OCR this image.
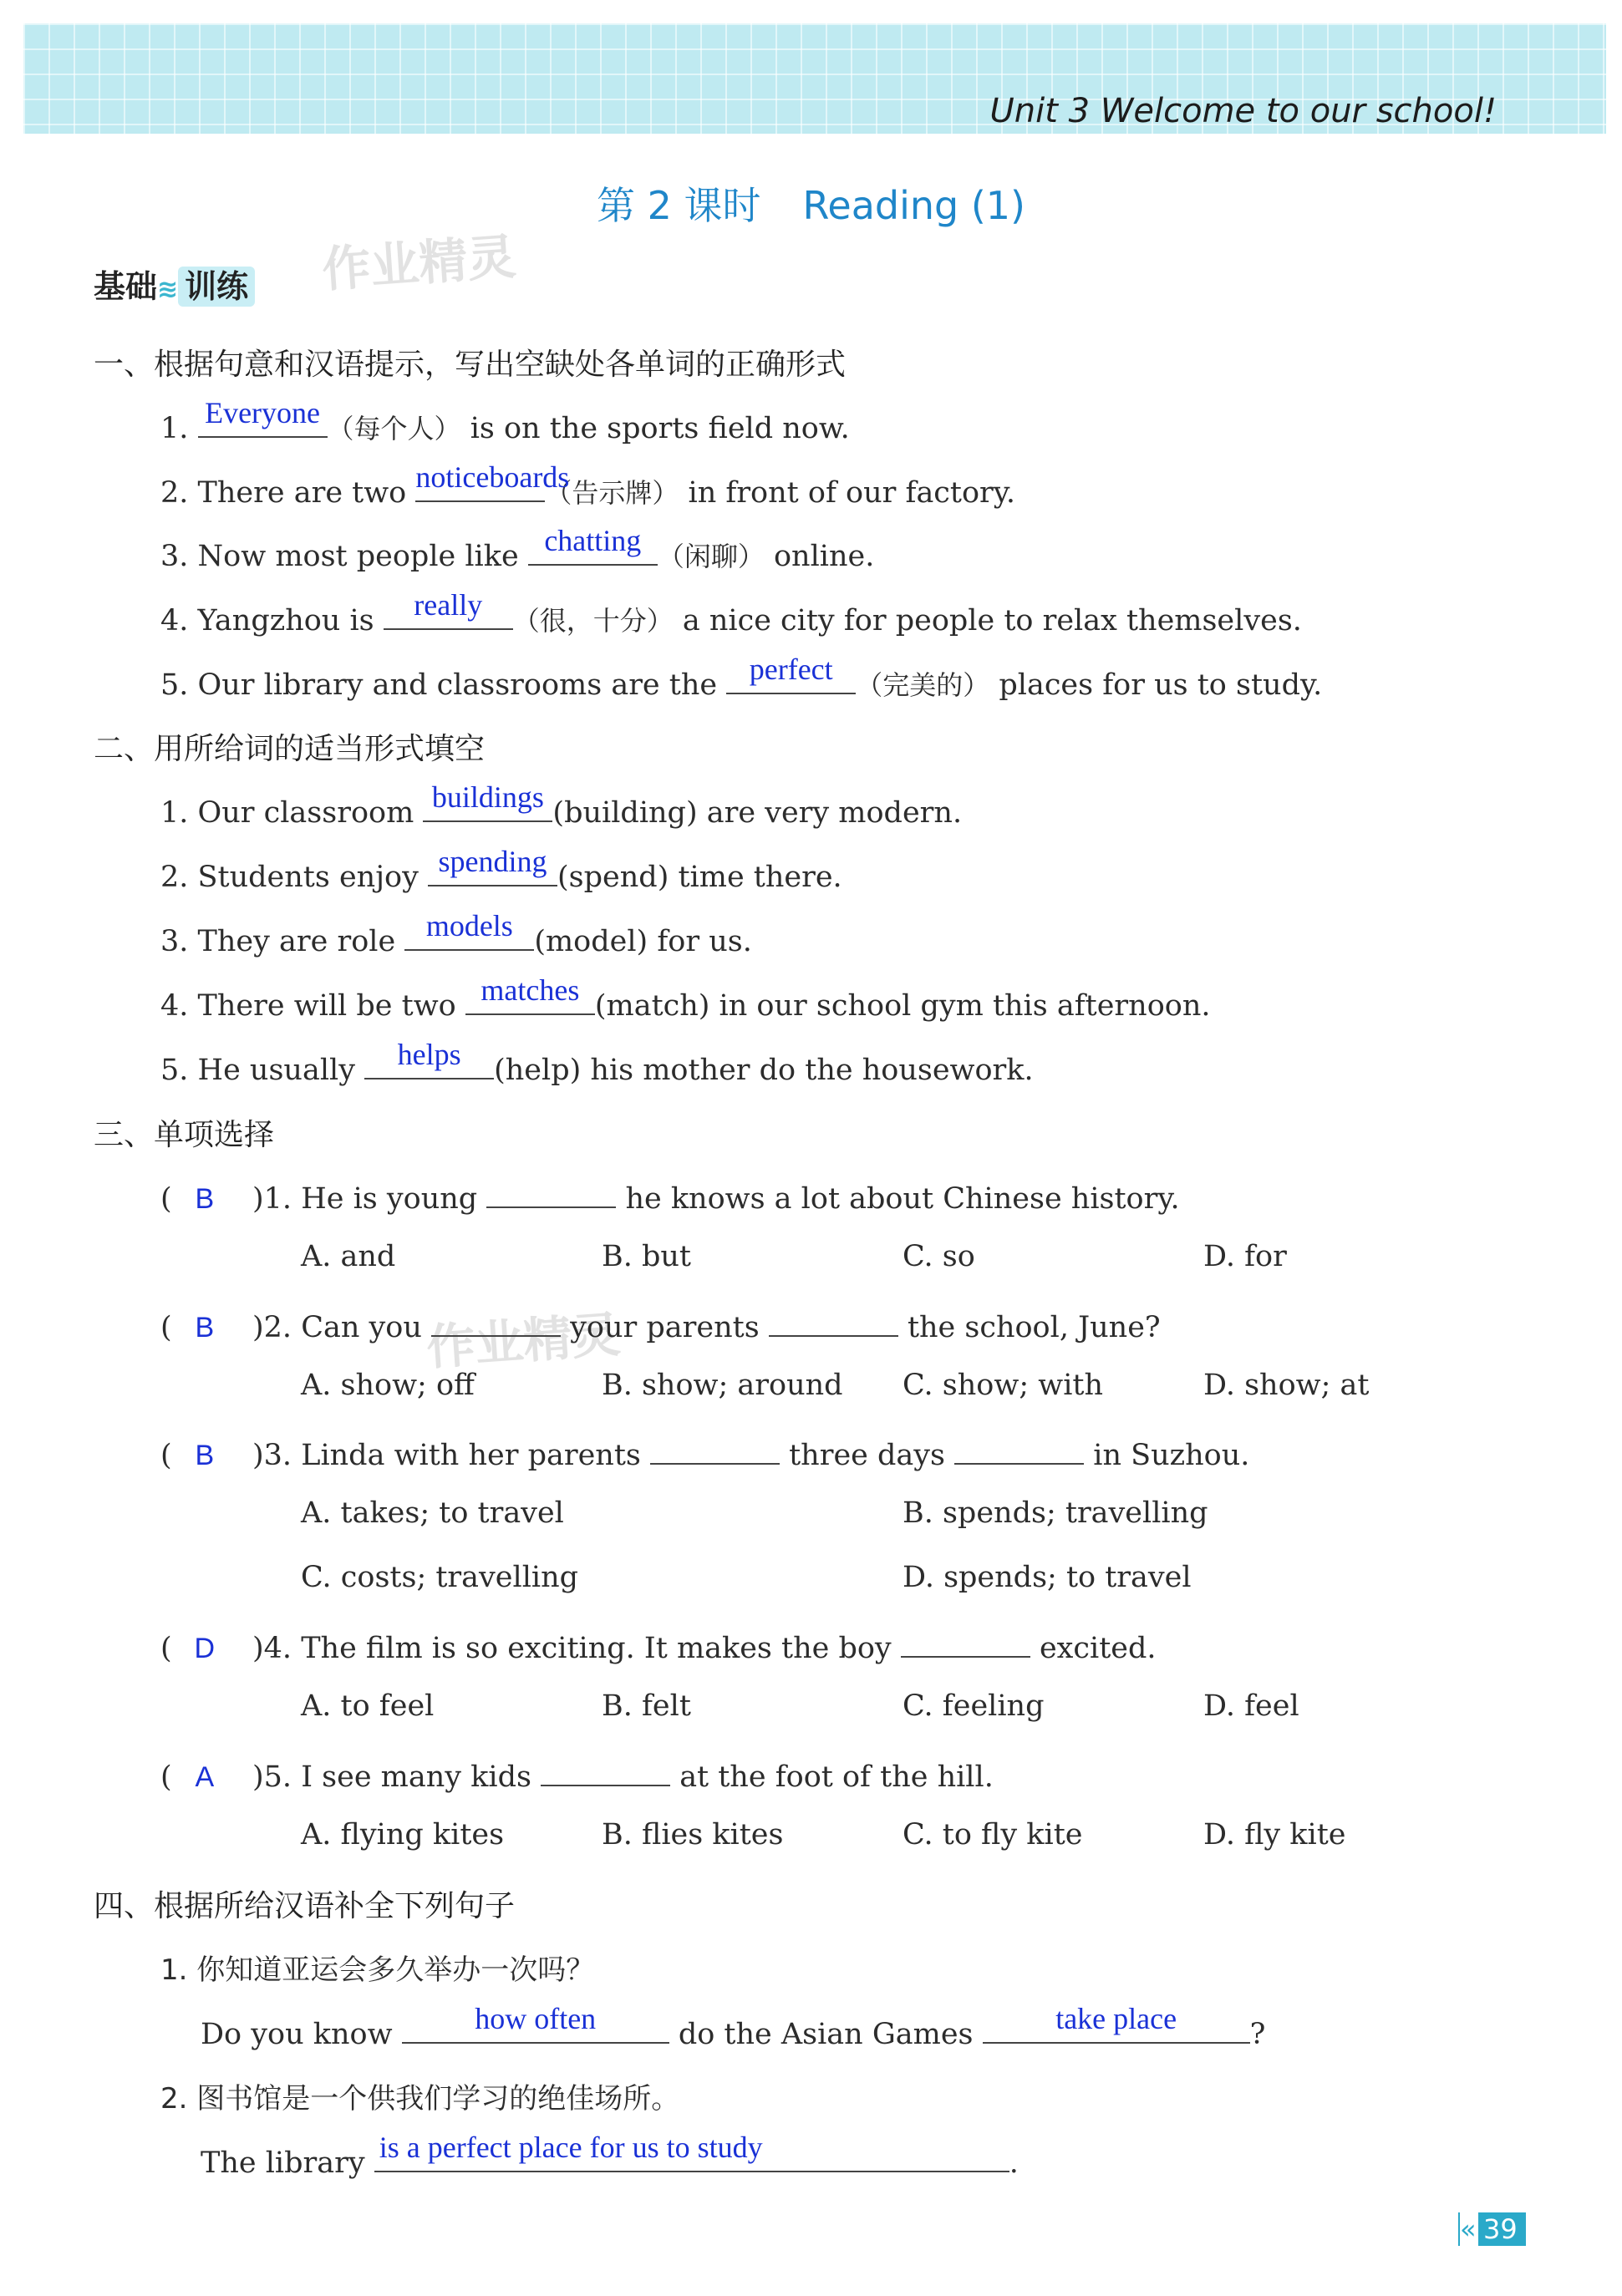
Unit 3 Welcome to our school!
第 2 课时 Reading (1)
作业精灵
作业精灵
基础≋ 训练
一、根据句意和汉语提示，写出空缺处各单词的正确形式
1. Everyone （每个人） is on the sports field now.
2. There are two noticeboards
（告示牌） in front of our factory.
3. Now most people like chatting （闲聊） online.
4. Yangzhou is	really	（很，十分） a nice city for people to relax themselves.
5. Our library and classrooms are the perfect （完美的） places for us to study.
二、用所给词的适当形式填空
1. Our classroom buildings (building) are very modern.
2. Students enjoy spending (spend) time there.
3. They are role models (model) for us.
4. There will be two matches (match) in our school gym this afternoon.
5. He usually	helps	(help) his mother do the housework.
三、单项选择
( B )1. He is young	he knows a lot about Chinese history.
A. and	B. but	C. so	D. for
( B )2. Can you	your parents	the school, June?
A. show; off	B. show; around C. show; with	D. show; at
( B )3. Linda with her parents	three days	in Suzhou.
A. takes; to travel	B. spends; travelling
C. costs; travelling	D. spends; to travel
( D )4. The film is so exciting. It makes the boy	excited.
A. to feel	B. felt	C. feeling	D. feel
( A )5. I see many kids	at the foot of the hill.
A. flying kites	B. flies kites	C. to fly kite	D. fly kite
四、根据所给汉语补全下列句子
1. 你知道亚运会多久举办一次吗？
Do you know	how often	do the Asian Games	take place	?
2. 图书馆是一个供我们学习的绝佳场所。
The library is a perfect place for us to study	.
« 39
